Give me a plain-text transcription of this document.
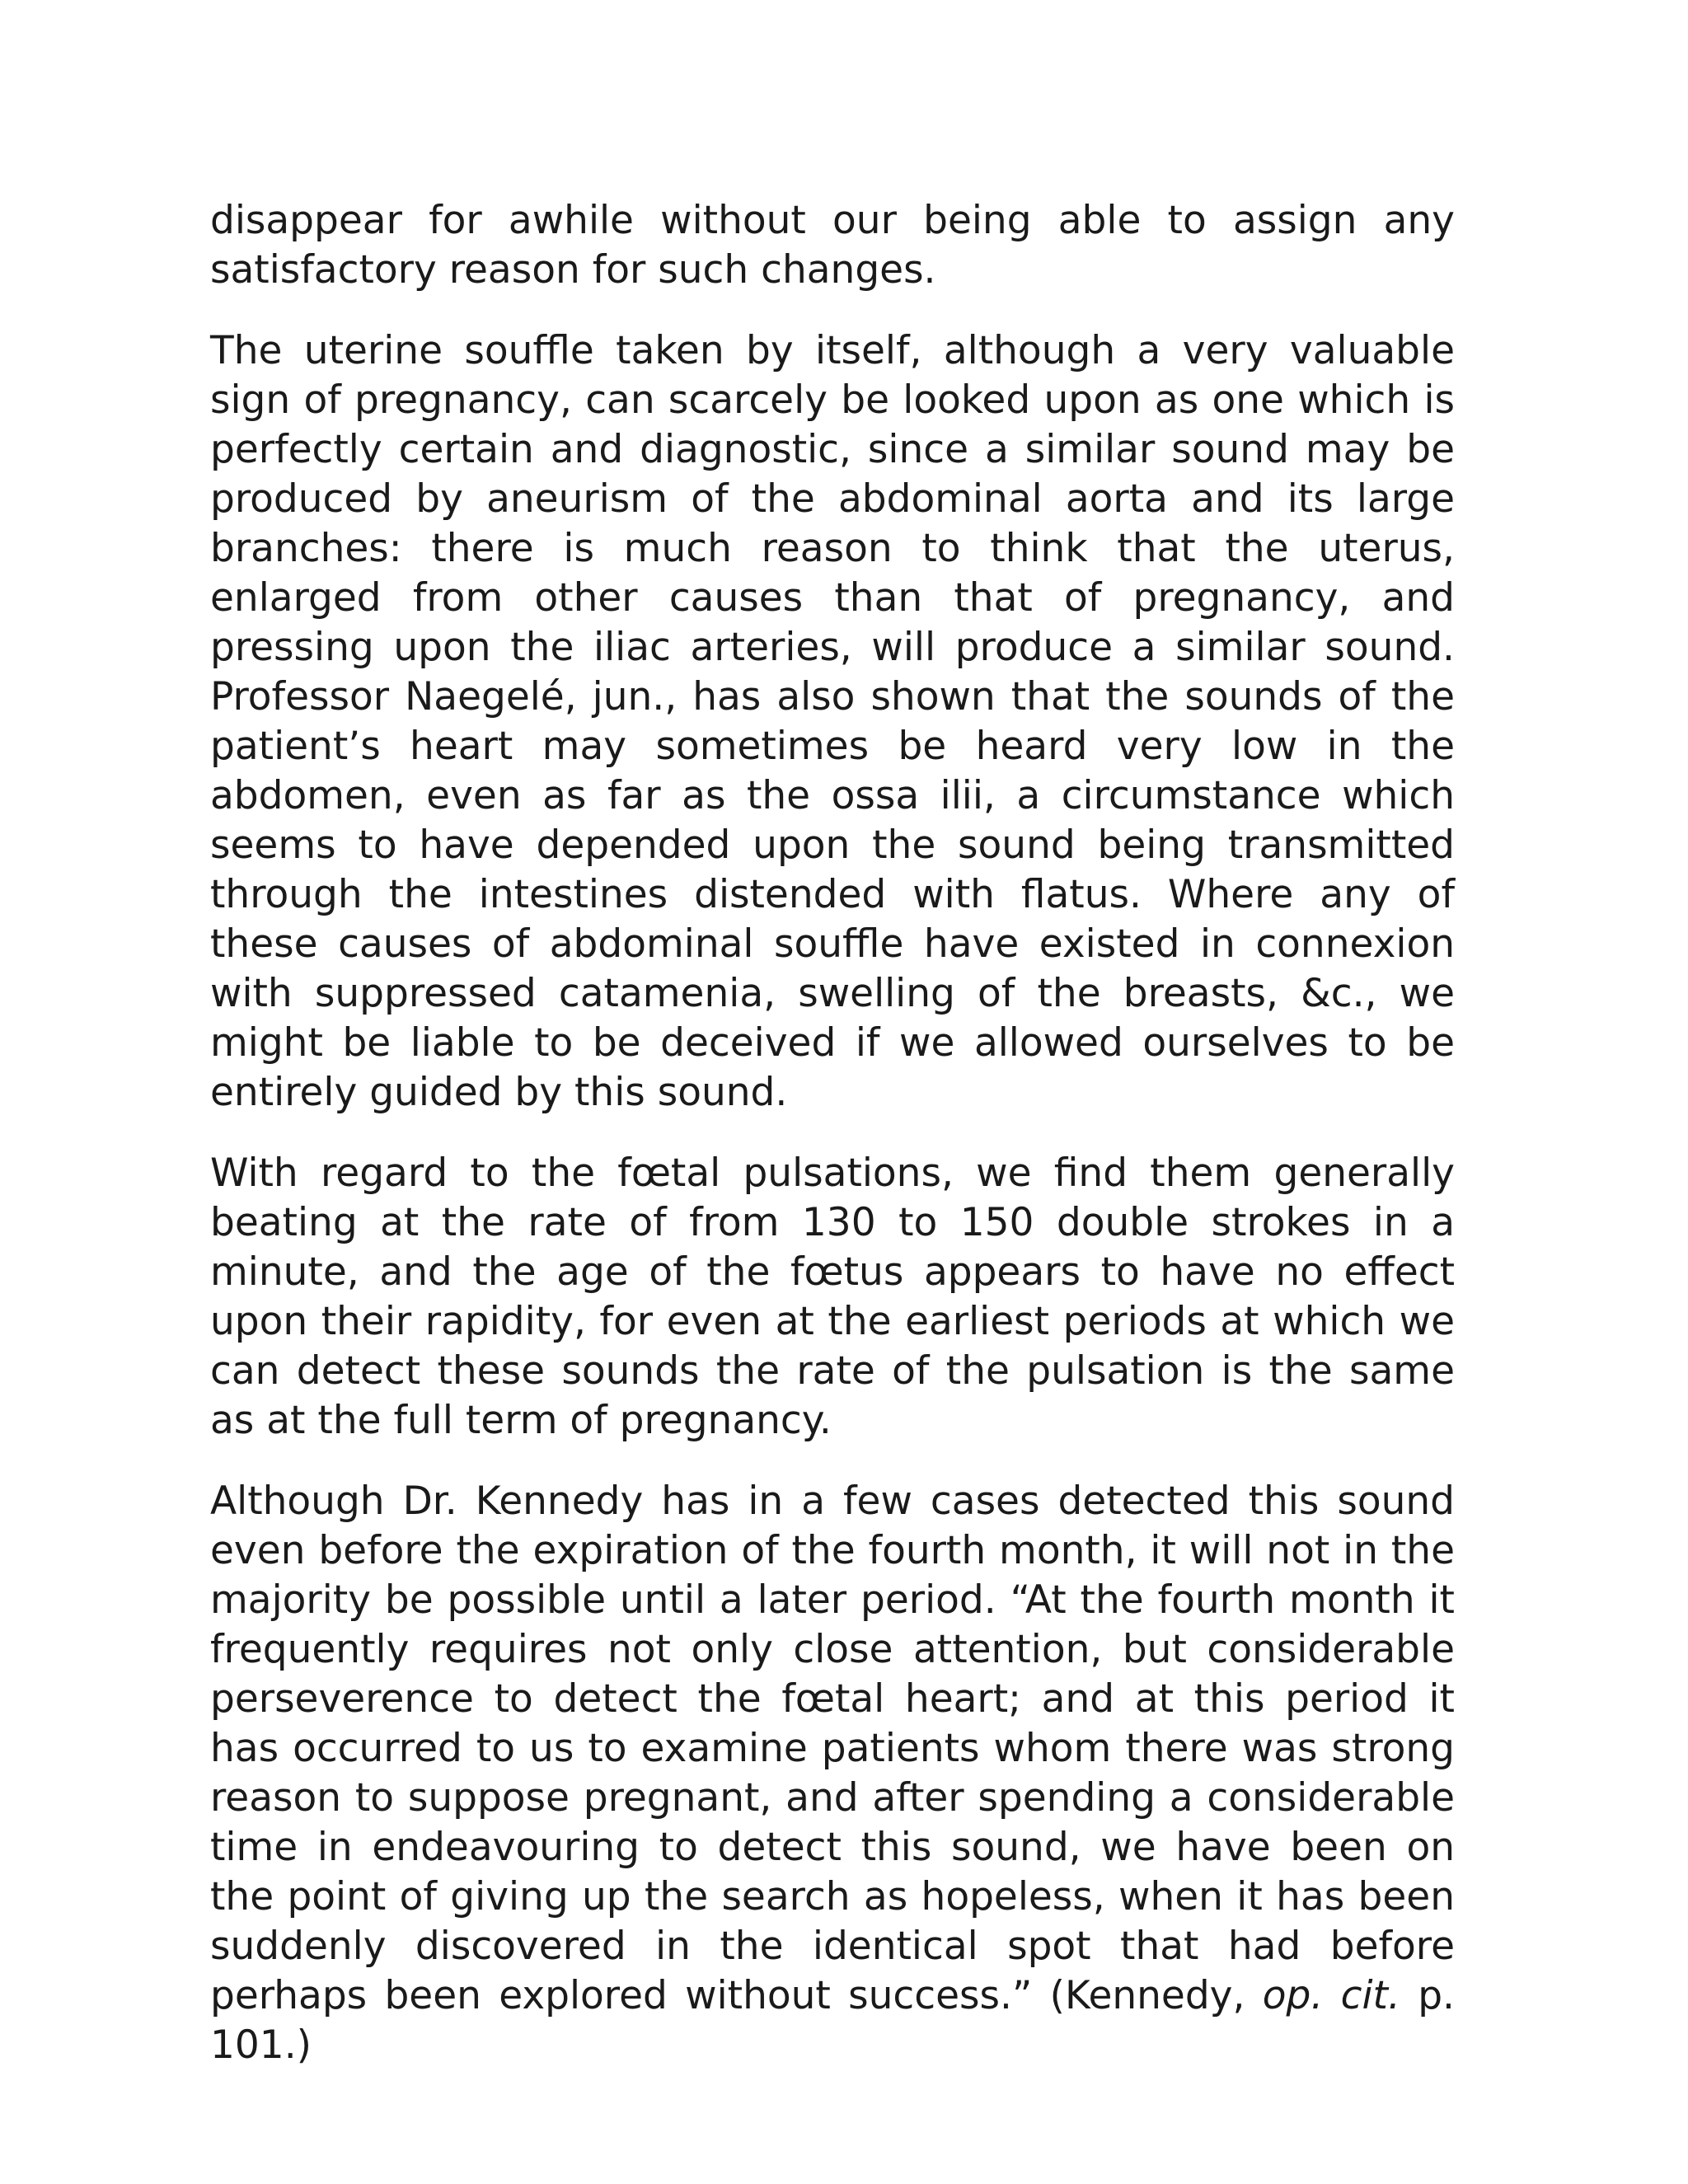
disappear for awhile without our being able to assign any satisfactory reason for such changes.

The uterine souffle taken by itself, although a very valuable sign of pregnancy, can scarcely be looked upon as one which is perfectly certain and diagnostic, since a similar sound may be produced by aneurism of the abdominal aorta and its large branches: there is much reason to think that the uterus, enlarged from other causes than that of pregnancy, and pressing upon the iliac arteries, will produce a similar sound. Professor Naegelé, jun., has also shown that the sounds of the patient’s heart may sometimes be heard very low in the abdomen, even as far as the ossa ilii, a circumstance which seems to have depended upon the sound being transmitted through the intestines distended with flatus. Where any of these causes of abdominal souffle have existed in connexion with suppressed catamenia, swelling of the breasts, &c., we might be liable to be deceived if we allowed ourselves to be entirely guided by this sound.

With regard to the fœtal pulsations, we find them generally beating at the rate of from 130 to 150 double strokes in a minute, and the age of the fœtus appears to have no effect upon their rapidity, for even at the earliest periods at which we can detect these sounds the rate of the pulsation is the same as at the full term of pregnancy.

Although Dr. Kennedy has in a few cases detected this sound even before the expiration of the fourth month, it will not in the majority be possible until a later period. “At the fourth month it frequently requires not only close attention, but considerable perseverence to detect the fœtal heart; and at this period it has occurred to us to examine patients whom there was strong reason to suppose pregnant, and after spending a considerable time in endeavouring to detect this sound, we have been on the point of giving up the search as hopeless, when it has been suddenly discovered in the identical spot that had before perhaps been explored without success.” (Kennedy, op. cit. p. 101.)
